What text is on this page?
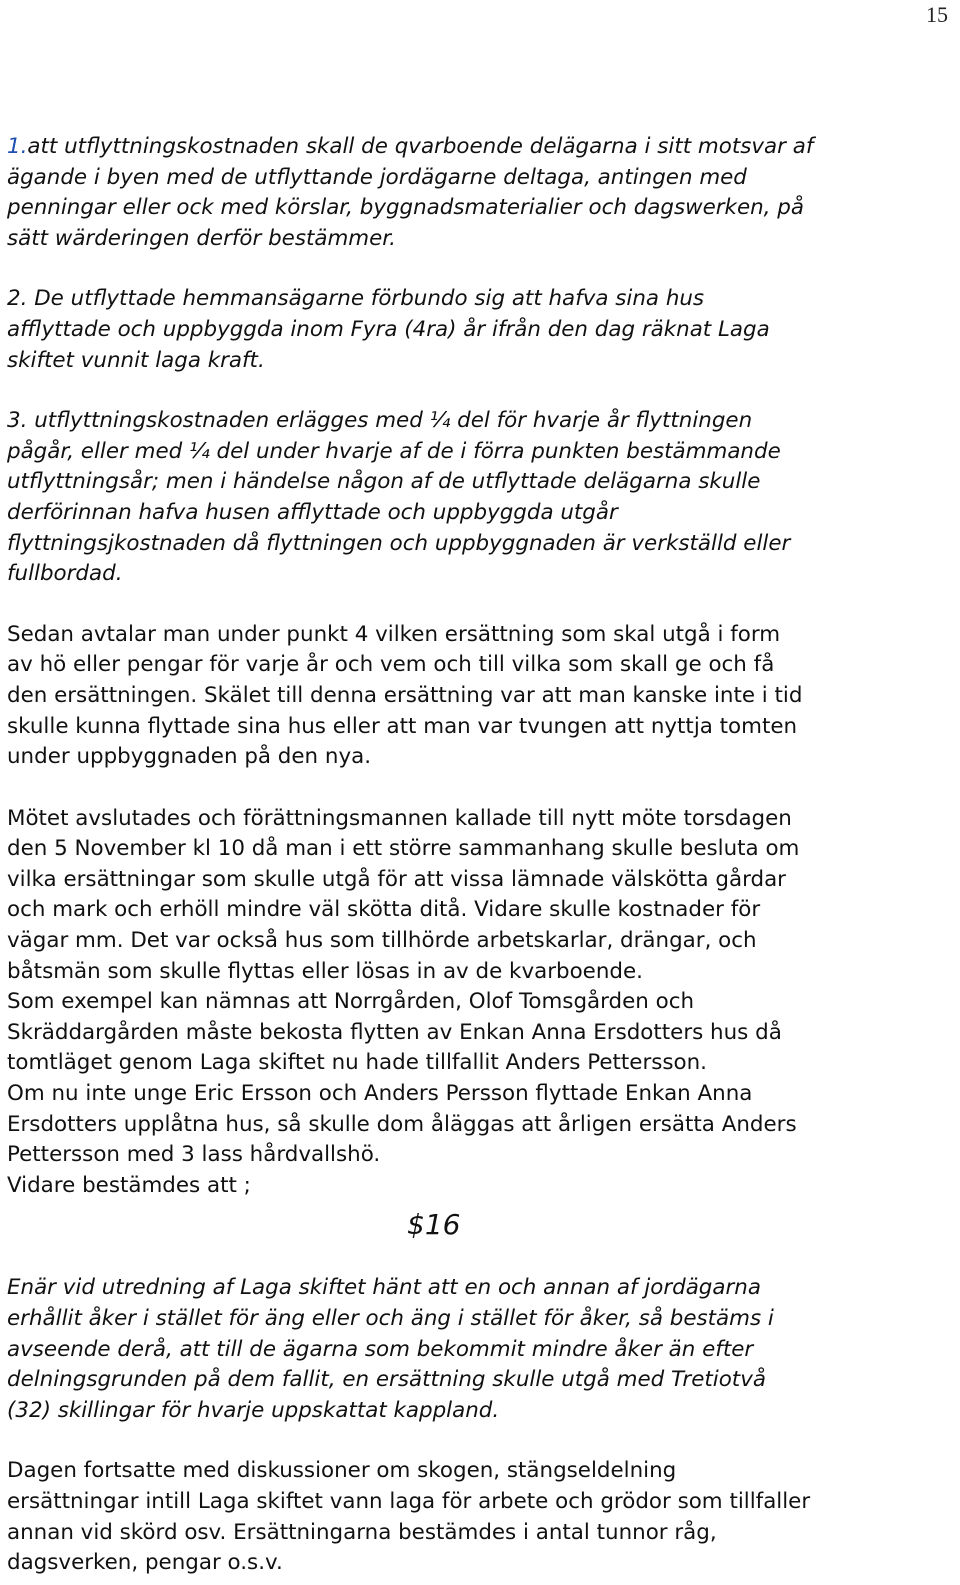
15

1.att utflyttningskostnaden skall de qvarboende delägarna i sitt motsvar af
ägande i byen med de utflyttande jordägarne deltaga, antingen med
penningar eller ock med körslar, byggnadsmaterialier och dagswerken, på
sätt wärderingen derför bestämmer.

2. De utflyttade hemmansägarne förbundo sig att hafva sina hus
afflyttade och uppbyggda inom Fyra (4ra) år ifrån den dag räknat Laga
skiftet vunnit laga kraft.

3. utflyttningskostnaden erlägges med ¼ del för hvarje år flyttningen
pågår, eller med ¼ del under hvarje af de i förra punkten bestämmande
utflyttningsår; men i händelse någon af de utflyttade delägarna skulle
derförinnan hafva husen afflyttade och uppbyggda utgår
flyttningsjkostnaden då flyttningen och uppbyggnaden är verkställd eller
fullbordad.

Sedan avtalar man under punkt 4 vilken ersättning som skal utgå i form
av hö eller pengar för varje år och vem och till vilka som skall ge och få
den ersättningen. Skälet till denna ersättning var att man kanske inte i tid
skulle kunna flyttade sina hus eller att man var tvungen att nyttja tomten
under uppbyggnaden på den nya.

Mötet avslutades och förättningsmannen kallade till nytt möte torsdagen
den 5 November kl 10 då man i ett större sammanhang skulle besluta om
vilka ersättningar som skulle utgå för att vissa lämnade välskötta gårdar
och mark och erhöll mindre väl skötta ditå. Vidare skulle kostnader för
vägar mm. Det var också hus som tillhörde arbetskarlar, drängar, och
båtsmän som skulle flyttas eller lösas in av de kvarboende.
Som exempel kan nämnas att Norrgården, Olof Tomsgården och
Skräddargården måste bekosta flytten av Enkan Anna Ersdotters hus då
tomtläget genom Laga skiftet nu hade tillfallit Anders Pettersson.
Om nu inte unge Eric Ersson och Anders Persson flyttade Enkan Anna
Ersdotters upplåtna hus, så skulle dom åläggas att årligen ersätta Anders
Pettersson med 3 lass hårdvallshö.
Vidare bestämdes att ;

$16

Enär vid utredning af Laga skiftet hänt att en och annan af jordägarna
erhållit åker i stället för äng eller och äng i stället för åker, så bestäms i
avseende derå, att till de ägarna som bekommit mindre åker än efter
delningsgrunden på dem fallit, en ersättning skulle utgå med Tretiotvå
(32) skillingar för hvarje uppskattat kappland.

Dagen fortsatte med diskussioner om skogen, stängseldelning
ersättningar intill Laga skiftet vann laga för arbete och grödor som tillfaller
annan vid skörd osv. Ersättningarna bestämdes i antal tunnor råg,
dagsverken, pengar o.s.v.
